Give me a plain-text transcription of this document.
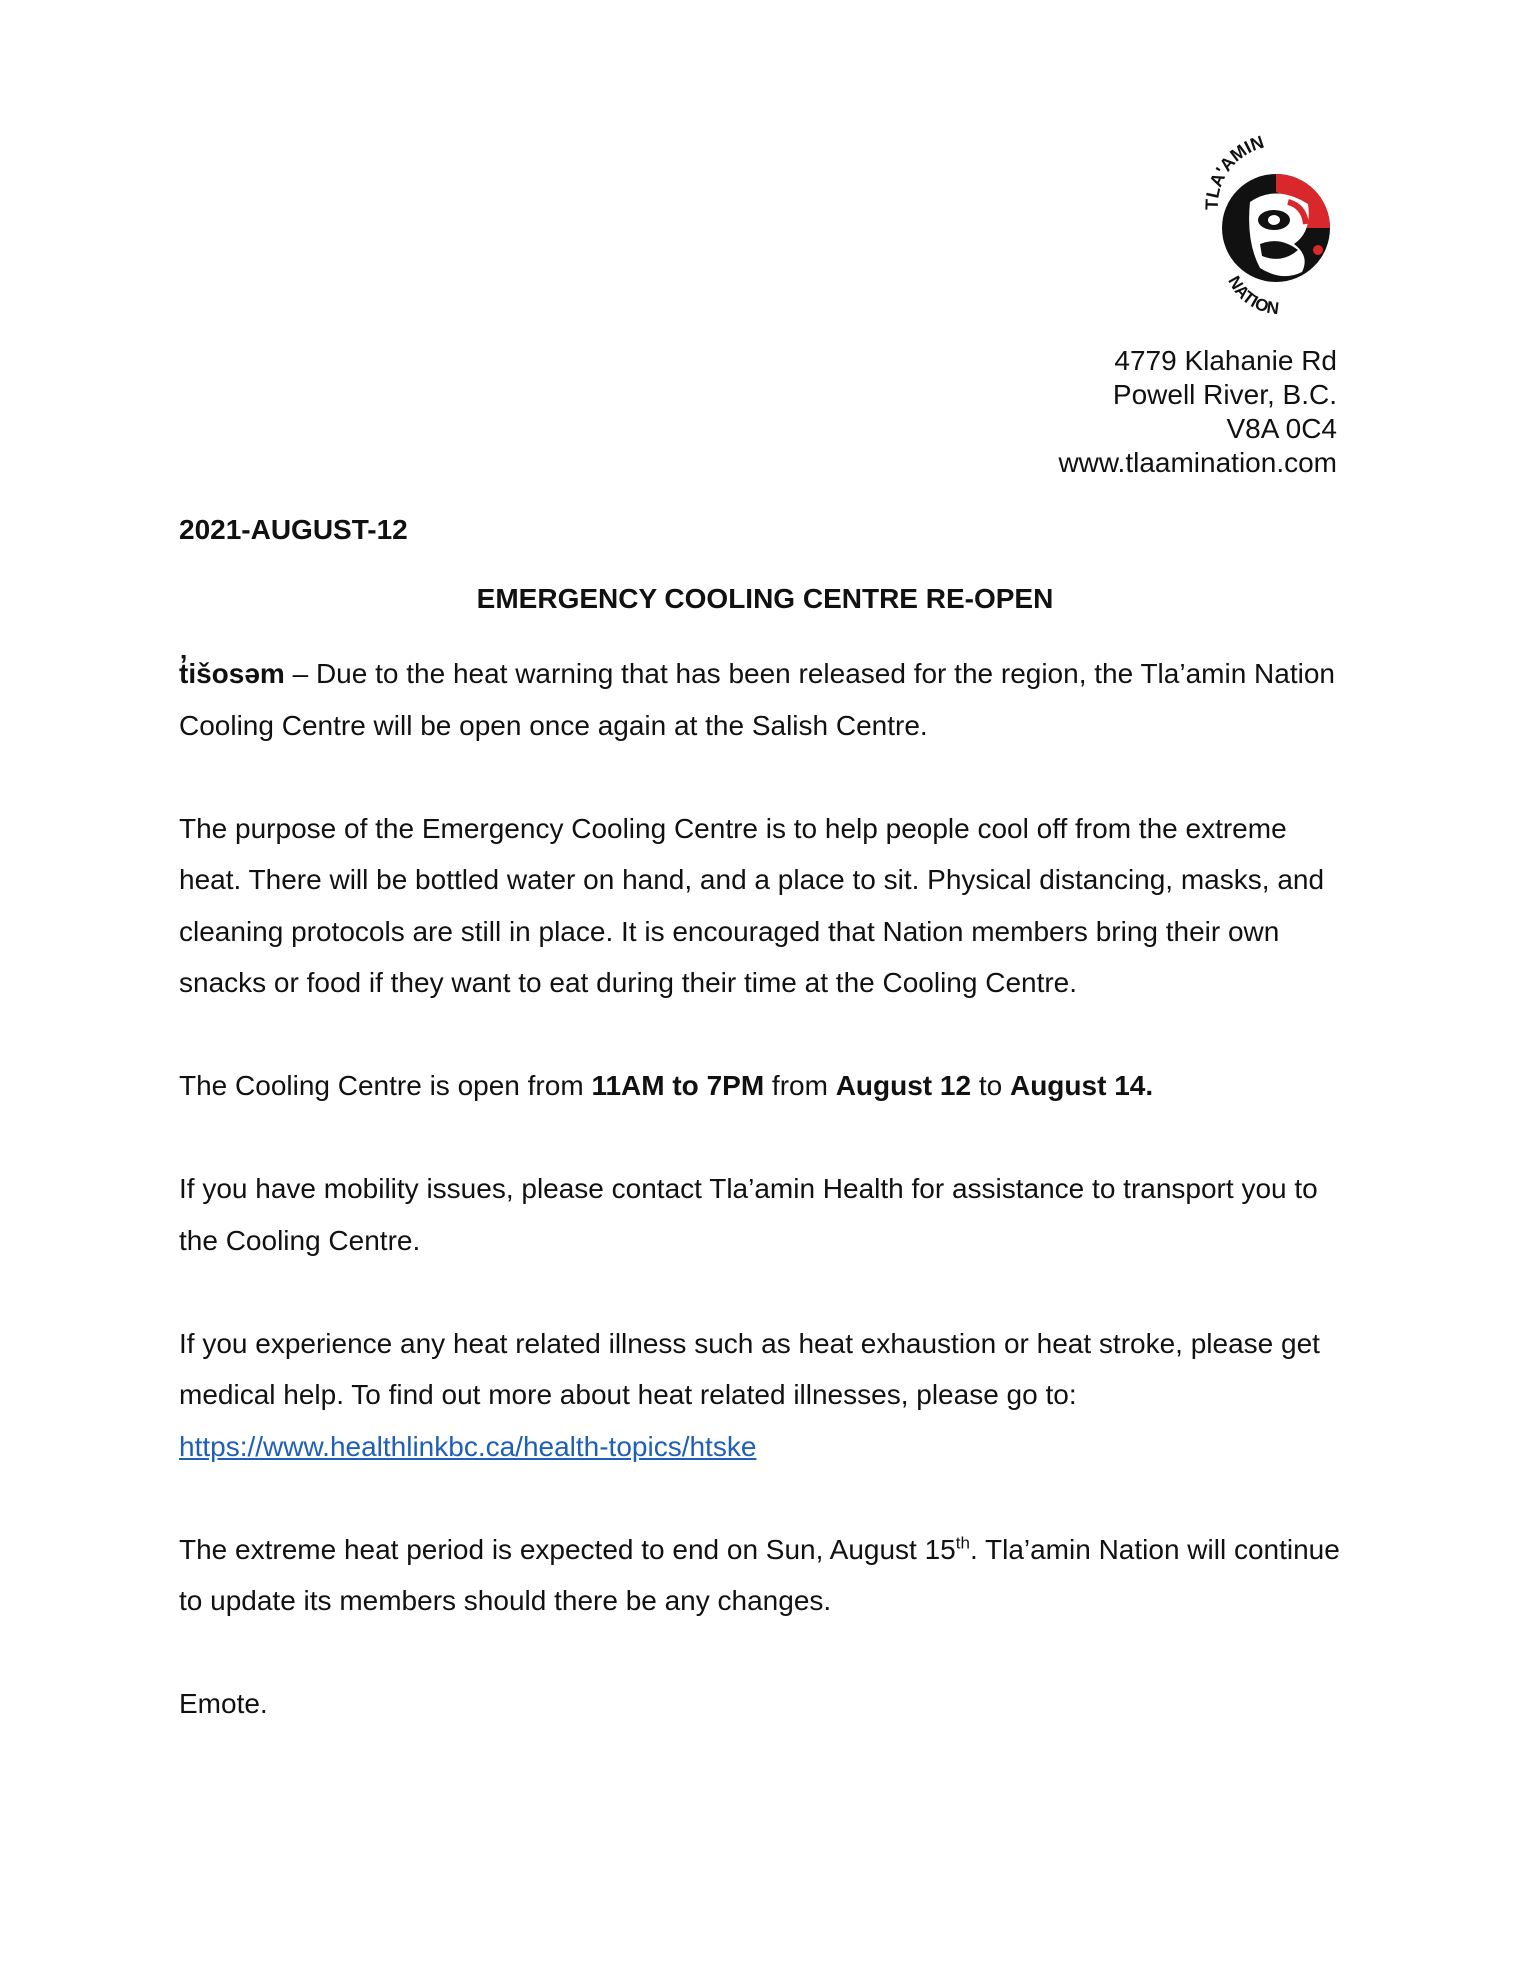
TLA'AMIN
NATION
4779 Klahanie Rd
Powell River, B.C.
V8A 0C4
www.tlaamination.com
2021-AUGUST-12
EMERGENCY COOLING CENTRE RE-OPEN

t̓išosəm – Due to the heat warning that has been released for the region, the Tla’amin Nation Cooling Centre will be open once again at the Salish Centre.

The purpose of the Emergency Cooling Centre is to help people cool off from the extreme heat. There will be bottled water on hand, and a place to sit. Physical distancing, masks, and cleaning protocols are still in place. It is encouraged that Nation members bring their own snacks or food if they want to eat during their time at the Cooling Centre.

The Cooling Centre is open from 11AM to 7PM from August 12 to August 14.

If you have mobility issues, please contact Tla’amin Health for assistance to transport you to the Cooling Centre.

If you experience any heat related illness such as heat exhaustion or heat stroke, please get medical help. To find out more about heat related illnesses, please go to:
https://www.healthlinkbc.ca/health-topics/htske

The extreme heat period is expected to end on Sun, August 15th. Tla’amin Nation will continue to update its members should there be any changes.

Emote.
